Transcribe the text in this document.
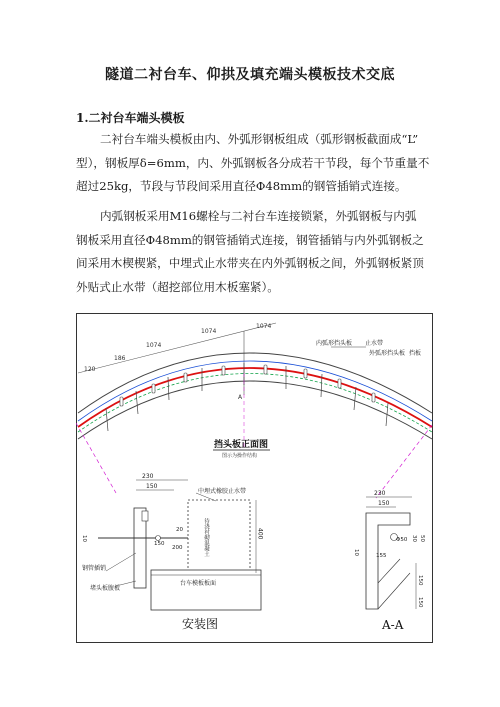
隧道二衬台车、仰拱及填充端头模板技术交底
1.二衬台车端头模板
二衬台车端头模板由内、外弧形钢板组成（弧形钢板截面成“L”
型），钢板厚δ=6mm，内、外弧钢板各分成若干节段，每个节重量不
超过25kg，节段与节段间采用直径Φ48mm的钢管插销式连接。
内弧钢板采用M16螺栓与二衬台车连接锁紧，外弧钢板与内弧
钢板采用直径Φ48mm的钢管插销式连接，钢管插销与内外弧钢板之
间采用木楔楔紧，中埋式止水带夹在内外弧钢板之间，外弧钢板紧顶
外贴式止水带（超挖部位用木板塞紧）。
120
186
1074
1074
1074
A
内弧形挡头板 止水带
外弧形挡头板 挡板
挡头板正面图
图示为操作结构
230
150
待浇衬砌混凝土
台车模板板面
10
20
200
150
400
中埋式橡胶止水带
钢管插销
堵头板腹板
安装图
230
150
Φ50 30 50
155
10
150
150
A-A
